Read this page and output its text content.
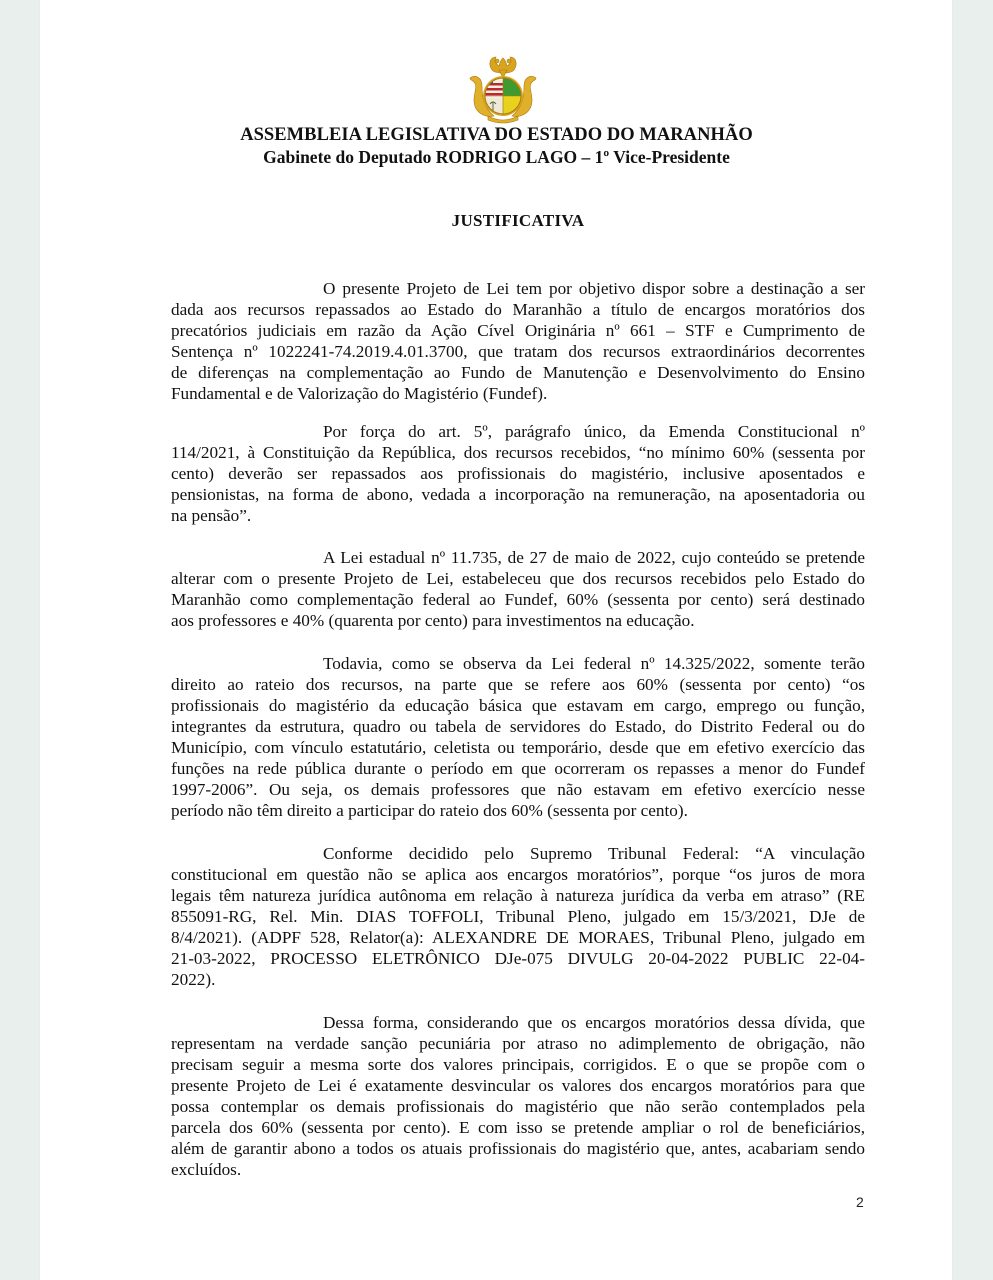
ASSEMBLEIA LEGISLATIVA DO ESTADO DO MARANHÃO
Gabinete do Deputado RODRIGO LAGO – 1º Vice-Presidente
JUSTIFICATIVA
O presente Projeto de Lei tem por objetivo dispor sobre a destinação a ser
dada aos recursos repassados ao Estado do Maranhão a título de encargos moratórios dos
precatórios judiciais em razão da Ação Cível Originária nº 661 – STF e Cumprimento de
Sentença nº 1022241-74.2019.4.01.3700, que tratam dos recursos extraordinários decorrentes
de diferenças na complementação ao Fundo de Manutenção e Desenvolvimento do Ensino
Fundamental e de Valorização do Magistério (Fundef).
Por força do art. 5º, parágrafo único, da Emenda Constitucional nº
114/2021, à Constituição da República, dos recursos recebidos, “no mínimo 60% (sessenta por
cento) deverão ser repassados aos profissionais do magistério, inclusive aposentados e
pensionistas, na forma de abono, vedada a incorporação na remuneração, na aposentadoria ou
na pensão”.
A Lei estadual nº 11.735, de 27 de maio de 2022, cujo conteúdo se pretende
alterar com o presente Projeto de Lei, estabeleceu que dos recursos recebidos pelo Estado do
Maranhão como complementação federal ao Fundef, 60% (sessenta por cento) será destinado
aos professores e 40% (quarenta por cento) para investimentos na educação.
Todavia, como se observa da Lei federal nº 14.325/2022, somente terão
direito ao rateio dos recursos, na parte que se refere aos 60% (sessenta por cento) “os
profissionais do magistério da educação básica que estavam em cargo, emprego ou função,
integrantes da estrutura, quadro ou tabela de servidores do Estado, do Distrito Federal ou do
Município, com vínculo estatutário, celetista ou temporário, desde que em efetivo exercício das
funções na rede pública durante o período em que ocorreram os repasses a menor do Fundef
1997-2006”. Ou seja, os demais professores que não estavam em efetivo exercício nesse
período não têm direito a participar do rateio dos 60% (sessenta por cento).
Conforme decidido pelo Supremo Tribunal Federal: “A vinculação
constitucional em questão não se aplica aos encargos moratórios”, porque “os juros de mora
legais têm natureza jurídica autônoma em relação à natureza jurídica da verba em atraso” (RE
855091-RG, Rel. Min. DIAS TOFFOLI, Tribunal Pleno, julgado em 15/3/2021, DJe de
8/4/2021). (ADPF 528, Relator(a): ALEXANDRE DE MORAES, Tribunal Pleno, julgado em
21-03-2022, PROCESSO ELETRÔNICO DJe-075 DIVULG 20-04-2022 PUBLIC 22-04-
2022).
Dessa forma, considerando que os encargos moratórios dessa dívida, que
representam na verdade sanção pecuniária por atraso no adimplemento de obrigação, não
precisam seguir a mesma sorte dos valores principais, corrigidos. E o que se propõe com o
presente Projeto de Lei é exatamente desvincular os valores dos encargos moratórios para que
possa contemplar os demais profissionais do magistério que não serão contemplados pela
parcela dos 60% (sessenta por cento). E com isso se pretende ampliar o rol de beneficiários,
além de garantir abono a todos os atuais profissionais do magistério que, antes, acabariam sendo
excluídos.
2
